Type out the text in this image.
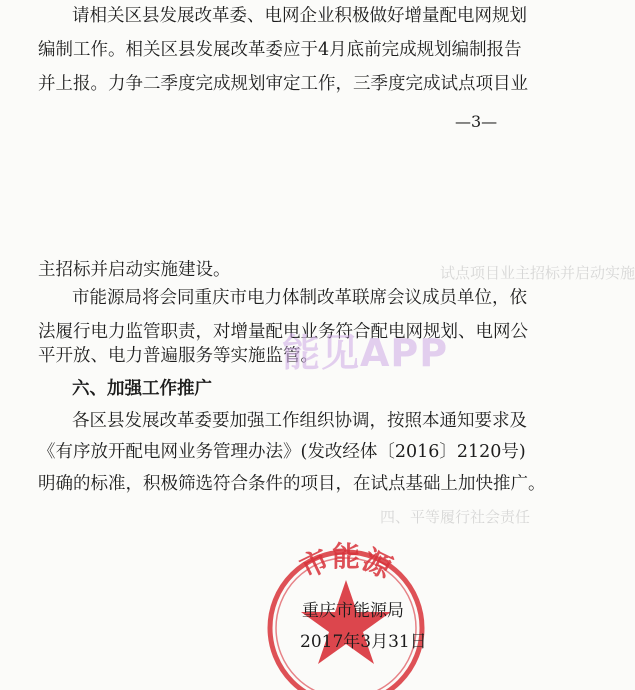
请相关区县发展改革委、电网企业积极做好增量配电网规划
编制工作。相关区县发展改革委应于4月底前完成规划编制报告
并上报。力争二季度完成规划审定工作，三季度完成试点项目业
—3—
试点项目业主招标并启动实施
四、平等履行社会责任
主招标并启动实施建设。
市能源局将会同重庆市电力体制改革联席会议成员单位，依
法履行电力监管职责，对增量配电业务符合配电网规划、电网公
平开放、电力普遍服务等实施监管。
六、加强工作推广
各区县发展改革委要加强工作组织协调，按照本通知要求及
《有序放开配电网业务管理办法》(发改经体〔2016〕2120号)
明确的标准，积极筛选符合条件的项目，在试点基础上加快推广。
能见APP
市能源
重庆市能源局
2017年3月31日
